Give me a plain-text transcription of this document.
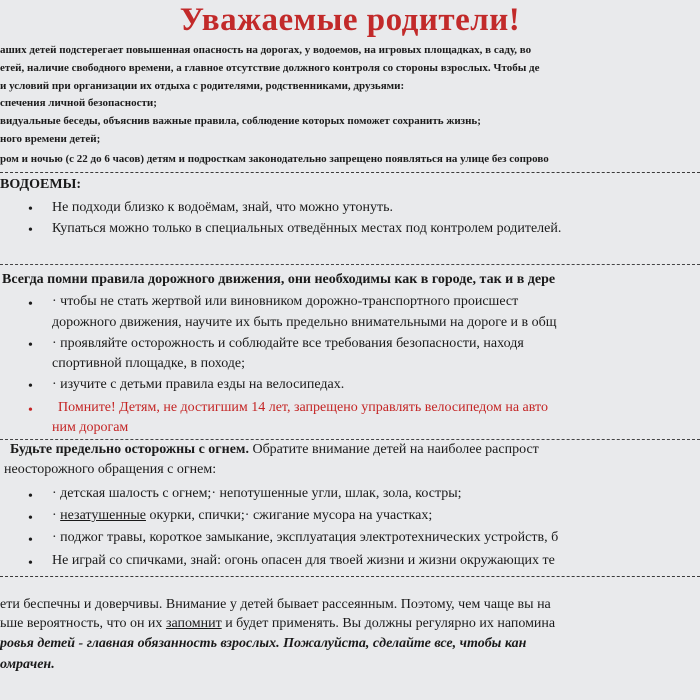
Уважаемые родители!
аших детей подстерегает повышенная опасность на дорогах, у водоемов, на игровых площадках, в саду, во
етей, наличие свободного времени, а главное отсутствие должного контроля со стороны взрослых. Чтобы де
и условий при организации их отдыха с родителями, родственниками, друзьями:
спечения личной безопасности;
видуальные беседы, объяснив важные правила, соблюдение которых поможет сохранить жизнь;
ного времени детей;
ром и ночью (с 22 до 6 часов) детям и подросткам законодательно запрещено появляться на улице без сопрово
ВОДОЕМЫ:
• Не подходи близко к водоёмам, знай, что можно утонуть.
• Купаться можно только в специальных отведённых местах под контролем родителей.
Всегда помни правила дорожного движения, они необходимы как в городе, так и в дере
• · чтобы не стать жертвой или виновником дорожно-транспортного происшест
дорожного движения, научите их быть предельно внимательными на дороге и в общ
• · проявляйте осторожность и соблюдайте все требования безопасности, находя
спортивной площадке, в походе;
• · изучите с детьми правила езды на велосипедах.
• Помните! Детям, не достигшим 14 лет, запрещено управлять велосипедом на авто
ним дорогам
Будьте предельно осторожны с огнем. Обратите внимание детей на наиболее распрост
неосторожного обращения с огнем:
• · детская шалость с огнем;· непотушенные угли, шлак, зола, костры;
• · незатушенные окурки, спички;· сжигание мусора на участках;
• · поджог травы, короткое замыкание, эксплуатация электротехнических устройств, б
• Не играй со спичками, знай: огонь опасен для твоей жизни и жизни окружающих те
ети беспечны и доверчивы. Внимание у детей бывает рассеянным. Поэтому, чем чаще вы на
ьше вероятность, что он их запомнит и будет применять. Вы должны регулярно их напомина
ровья детей - главная обязанность взрослых. Пожалуйста, сделайте все, чтобы кан
омрачен.
